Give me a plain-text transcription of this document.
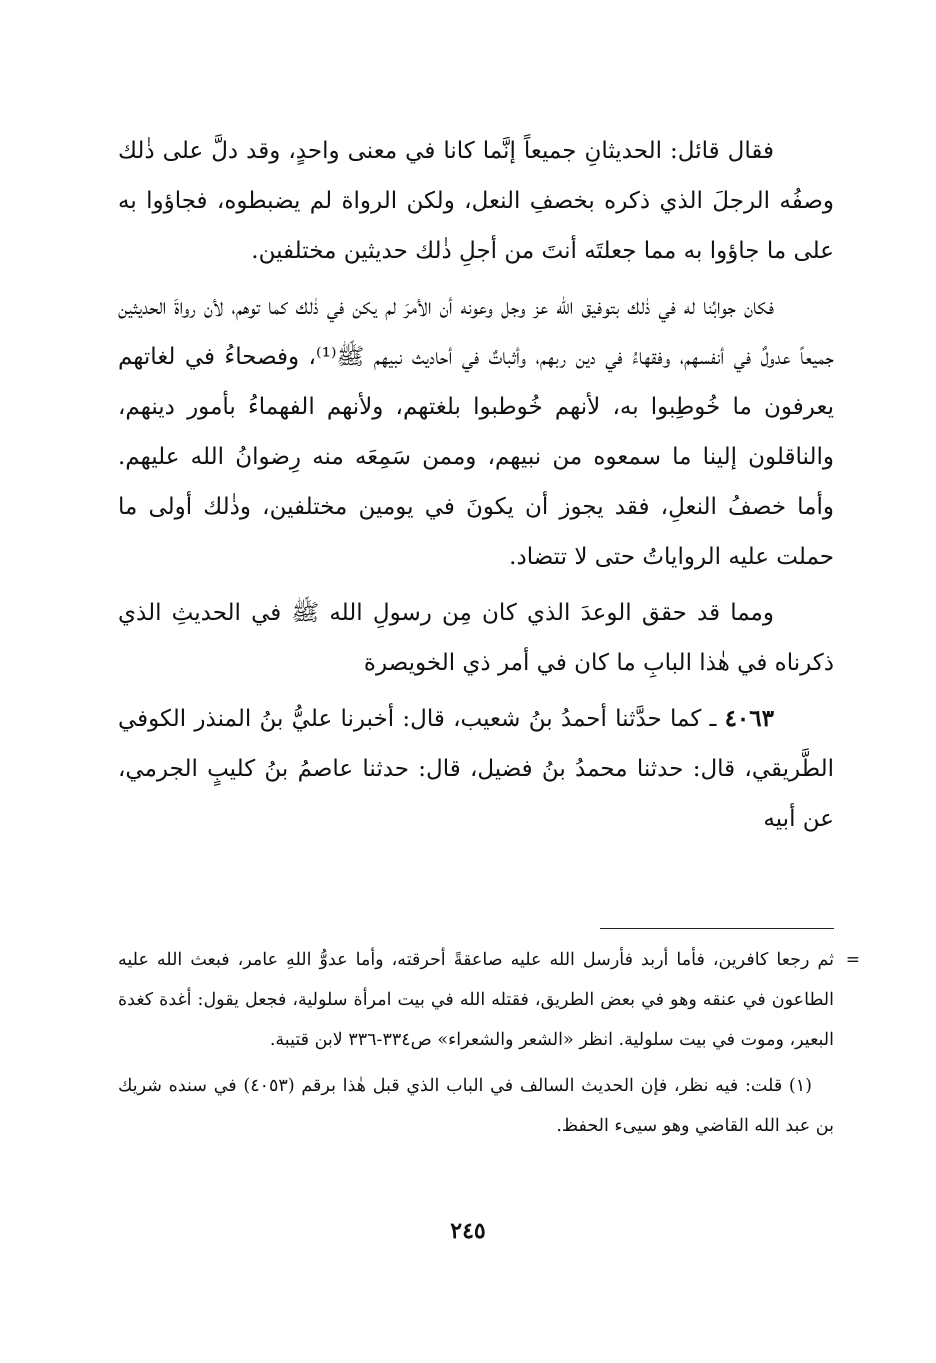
فقال قائل: الحديثانِ جميعاً إنَّما كانا في معنى واحدٍ، وقد دلَّ على ذٰلك وصفُه الرجلَ الذي ذكره بخصفِ النعل، ولكن الرواة لم يضبطوه، فجاؤوا به على ما جاؤوا به مما جعلتَه أنتَ من أجلِ ذٰلك حديثين مختلفين.

فكان جوابُنا له في ذٰلك بتوفيق الله عز وجل وعونه أن الأمرَ لم يكن في ذٰلك كما توهم، لأن رواةَ الحديثين جميعاً عدولٌ في أنفسهم، وفقهاءُ في دين ربهم، وأثباتٌ في أحاديث نبيهم ﷺ⁽¹⁾، وفصحاءُ في لغاتهم يعرفون ما خُوطِبوا به، لأنهم خُوطبوا بلغتهم، ولأنهم الفهماءُ بأمور دينهم، والناقلون إلينا ما سمعوه من نبيهم، وممن سَمِعَه منه رِضوانُ الله عليهم. وأما خصفُ النعلِ، فقد يجوز أن يكونَ في يومين مختلفين، وذٰلك أولى ما حملت عليه الرواياتُ حتى لا تتضاد.

ومما قد حقق الوعدَ الذي كان مِن رسولِ الله ﷺ في الحديثِ الذي ذكرناه في هٰذا البابِ ما كان في أمر ذي الخويصرة

٤٠٦٣ ـ كما حدَّثنا أحمدُ بنُ شعيب، قال: أخبرنا عليُّ بنُ المنذر الكوفي الطَّريقي، قال: حدثنا محمدُ بنُ فضيل، قال: حدثنا عاصمُ بنُ كليبٍ الجرمي، عن أبيه

=
ثم رجعا كافرين، فأما أربد فأرسل الله عليه صاعقةً أحرقته، وأما عدوُّ اللهِ عامر، فبعث الله عليه الطاعون في عنقه وهو في بعض الطريق، فقتله الله في بيت امرأة سلولية، فجعل يقول: أغدة كغدة البعير، وموت في بيت سلولية. انظر «الشعر والشعراء» ص٣٣٤-٣٣٦ لابن قتيبة.

(١) قلت: فيه نظر، فإن الحديث السالف في الباب الذي قبل هٰذا برقم (٤٠٥٣) في سنده شريك بن عبد الله القاضي وهو سيىء الحفظ.

٢٤٥
